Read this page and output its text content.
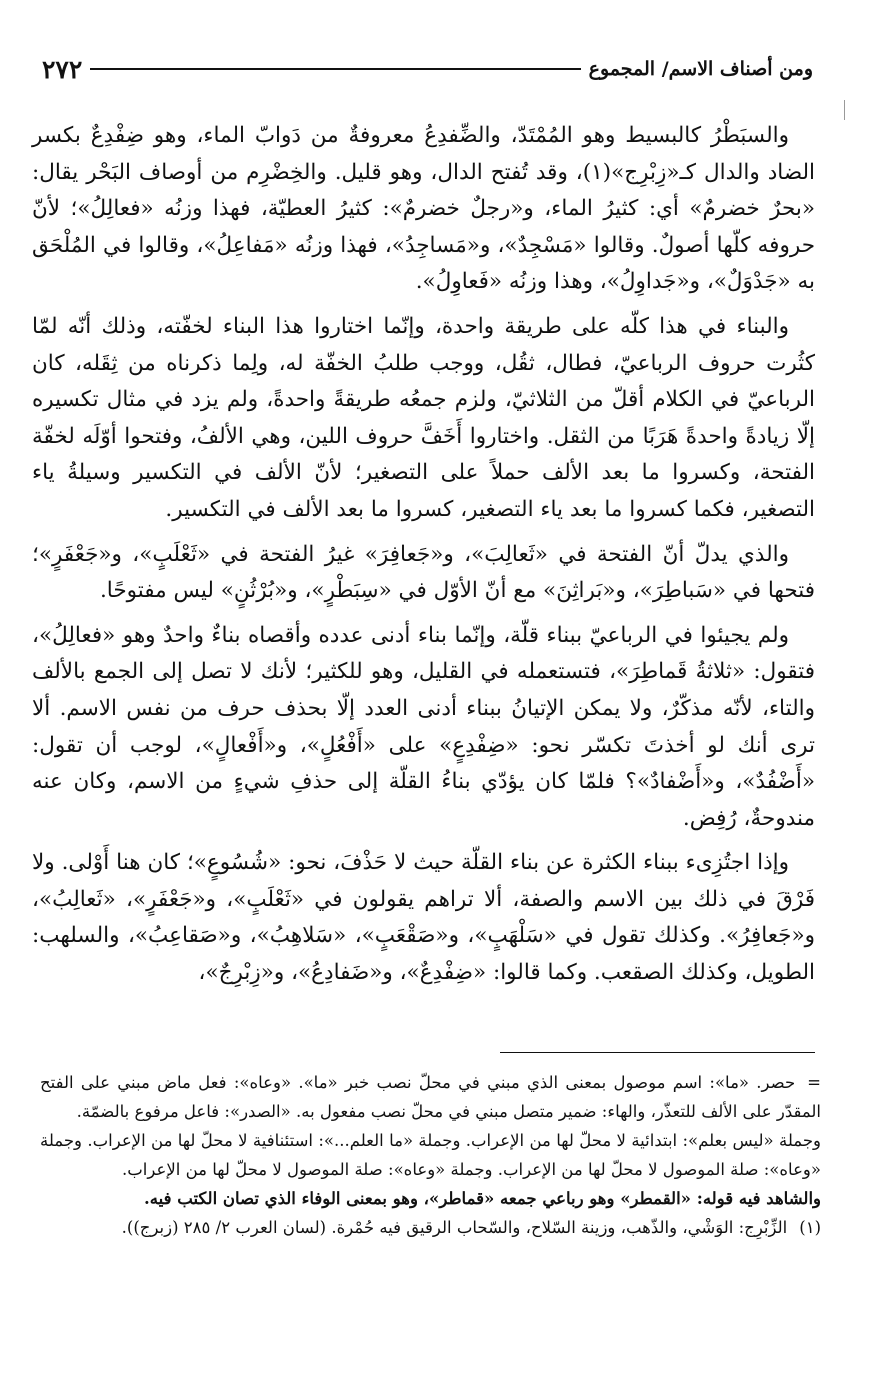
٢٧٢	ومن أصناف الاسم/ المجموع

والسبَطْرُ كالبسيط وهو المُمْتَدّ، والضِّفدِعُ معروفةٌ من دَوابّ الماء، وهو ضِفْدِعٌ بكسر الضاد والدال كـ«زِبْرِج»(١)، وقد تُفتح الدال، وهو قليل. والخِضْرِم من أوصاف البَحْر يقال: «بحرٌ خضرمٌ» أي: كثيرُ الماء، و«رجلٌ خضرمٌ»: كثيرُ العطيّة، فهذا وزنُه «فعالِلُ»؛ لأنّ حروفه كلّها أصولٌ. وقالوا «مَسْجِدٌ»، و«مَساجِدُ»، فهذا وزنُه «مَفاعِلُ»، وقالوا في المُلْحَق به «جَدْوَلٌ»، و«جَداوِلُ»، وهذا وزنُه «فَعاوِلُ».

والبناء في هذا كلّه على طريقة واحدة، وإنّما اختاروا هذا البناء لخفّته، وذلك أنّه لمّا كثُرت حروف الرباعيّ، فطال، ثقُل، ووجب طلبُ الخفّة له، ولِما ذكرناه من ثِقَله، كان الرباعيّ في الكلام أقلّ من الثلاثيّ، ولزم جمعُه طريقةً واحدةً، ولم يزد في مثال تكسيره إلّا زيادةً واحدةً هَرَبًا من الثقل. واختاروا أَخَفَّ حروف اللين، وهي الألفُ، وفتحوا أوّلَه لخفّة الفتحة، وكسروا ما بعد الألف حملاً على التصغير؛ لأنّ الألف في التكسير وسيلةُ ياء التصغير، فكما كسروا ما بعد ياء التصغير، كسروا ما بعد الألف في التكسير.

والذي يدلّ أنّ الفتحة في «ثَعالِبَ»، و«جَعافِرَ» غيرُ الفتحة في «ثَعْلَبٍ»، و«جَعْفَرٍ»؛ فتحها في «سَباطِرَ»، و«بَراثِنَ» مع أنّ الأوّل في «سِبَطْرٍ»، و«بُرْثُنٍ» ليس مفتوحًا.

ولم يجيئوا في الرباعيّ ببناء قلّة، وإنّما بناء أدنى عدده وأقصاه بناءٌ واحدٌ وهو «فعالِلُ»، فتقول: «ثلاثةُ قَماطِرَ»، فتستعمله في القليل، وهو للكثير؛ لأنك لا تصل إلى الجمع بالألف والتاء، لأنّه مذكّرٌ، ولا يمكن الإتيانُ ببناء أدنى العدد إلّا بحذف حرف من نفس الاسم. ألا ترى أنك لو أخذتَ تكسّر نحو: «ضِفْدِعٍ» على «أَفْعُلٍ»، و«أَفْعالٍ»، لوجب أن تقول: «أَضْفُدٌ»، و«أَضْفادٌ»؟ فلمّا كان يؤدّي بناءُ القلّة إلى حذفِ شيءٍ من الاسم، وكان عنه مندوحةٌ، رُفِض.

وإذا اجتُزِىء ببناء الكثرة عن بناء القلّة حيث لا حَذْفَ، نحو: «شُسُوعٍ»؛ كان هنا أَوْلى. ولا فَرْقَ في ذلك بين الاسم والصفة، ألا تراهم يقولون في «ثَعْلَبٍ»، و«جَعْفَرٍ»، «ثَعالِبُ»، و«جَعافِرُ». وكذلك تقول في «سَلْهَبٍ»، و«صَقْعَبٍ»، «سَلاهِبُ»، و«صَقاعِبُ»، والسلهب: الطويل، وكذلك الصقعب. وكما قالوا: «ضِفْدِعٌ»، و«ضَفادِعُ»، و«زِبْرِجٌ»،

=حصر. «ما»: اسم موصول بمعنى الذي مبني في محلّ نصب خبر «ما». «وعاه»: فعل ماض مبني على الفتح المقدّر على الألف للتعذّر، والهاء: ضمير متصل مبني في محلّ نصب مفعول به. «الصدر»: فاعل مرفوع بالضمّة.

وجملة «ليس بعلم»: ابتدائية لا محلّ لها من الإعراب. وجملة «ما العلم...»: استئنافية لا محلّ لها من الإعراب. وجملة «وعاه»: صلة الموصول لا محلّ لها من الإعراب. وجملة «وعاه»: صلة الموصول لا محلّ لها من الإعراب.

والشاهد فيه قوله: «القمطر» وهو رباعي جمعه «قماطر»، وهو بمعنى الوفاء الذي تصان الكتب فيه.

(١)الزِّبْرِج: الوَشْي، والذّهب، وزينة السّلاح، والسّحاب الرقيق فيه حُمْرة. (لسان العرب ٢/ ٢٨٥ (زبرج)).
